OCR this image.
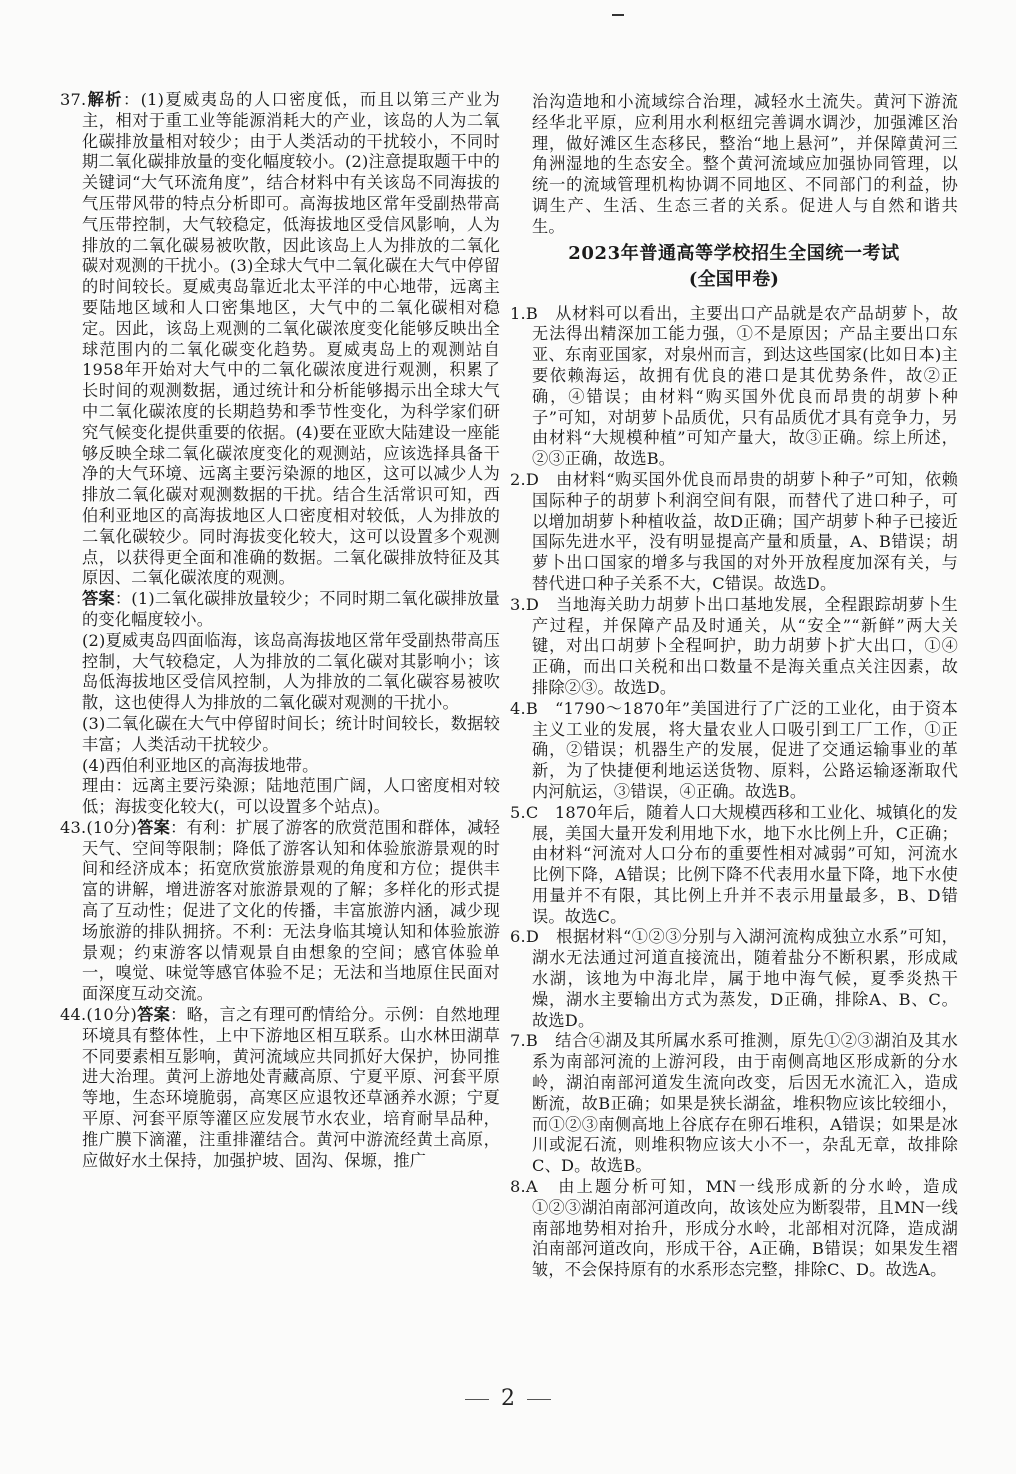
37.解析：(1)夏威夷岛的人口密度低，而且以第三产业为主，相对于重工业等能源消耗大的产业，该岛的人为二氧化碳排放量相对较少；由于人类活动的干扰较小，不同时期二氧化碳排放量的变化幅度较小。(2)注意提取题干中的关键词“大气环流角度”，结合材料中有关该岛不同海拔的气压带风带的特点分析即可。高海拔地区常年受副热带高气压带控制，大气较稳定，低海拔地区受信风影响，人为排放的二氧化碳易被吹散，因此该岛上人为排放的二氧化碳对观测的干扰小。(3)全球大气中二氧化碳在大气中停留的时间较长。夏威夷岛靠近北太平洋的中心地带，远离主要陆地区域和人口密集地区，大气中的二氧化碳相对稳定。因此，该岛上观测的二氧化碳浓度变化能够反映出全球范围内的二氧化碳变化趋势。夏威夷岛上的观测站自1958年开始对大气中的二氧化碳浓度进行观测，积累了长时间的观测数据，通过统计和分析能够揭示出全球大气中二氧化碳浓度的长期趋势和季节性变化，为科学家们研究气候变化提供重要的依据。(4)要在亚欧大陆建设一座能够反映全球二氧化碳浓度变化的观测站，应该选择具备干净的大气环境、远离主要污染源的地区，这可以减少人为排放二氧化碳对观测数据的干扰。结合生活常识可知，西伯利亚地区的高海拔地区人口密度相对较低，人为排放的二氧化碳较少。同时海拔变化较大，这可以设置多个观测点，以获得更全面和准确的数据。二氧化碳排放特征及其原因、二氧化碳浓度的观测。

答案：(1)二氧化碳排放量较少；不同时期二氧化碳排放量的变化幅度较小。

(2)夏威夷岛四面临海，该岛高海拔地区常年受副热带高压控制，大气较稳定，人为排放的二氧化碳对其影响小；该岛低海拔地区受信风控制，人为排放的二氧化碳容易被吹散，这也使得人为排放的二氧化碳对观测的干扰小。

(3)二氧化碳在大气中停留时间长；统计时间较长，数据较丰富；人类活动干扰较少。

(4)西伯利亚地区的高海拔地带。

理由：远离主要污染源；陆地范围广阔，人口密度相对较低；海拔变化较大(，可以设置多个站点)。

43.(10分)答案：有利：扩展了游客的欣赏范围和群体，减轻天气、空间等限制；降低了游客认知和体验旅游景观的时间和经济成本；拓宽欣赏旅游景观的角度和方位；提供丰富的讲解，增进游客对旅游景观的了解；多样化的形式提高了互动性；促进了文化的传播，丰富旅游内涵，减少现场旅游的排队拥挤。不利：无法身临其境认知和体验旅游景观；约束游客以情观景自由想象的空间；感官体验单一，嗅觉、味觉等感官体验不足；无法和当地原住民面对面深度互动交流。

44.(10分)答案：略，言之有理可酌情给分。示例：自然地理环境具有整体性，上中下游地区相互联系。山水林田湖草不同要素相互影响，黄河流域应共同抓好大保护，协同推进大治理。黄河上游地处青藏高原、宁夏平原、河套平原等地，生态环境脆弱，高寒区应退牧还草涵养水源；宁夏平原、河套平原等灌区应发展节水农业，培育耐旱品种，推广膜下滴灌，注重排灌结合。黄河中游流经黄土高原，应做好水土保持，加强护坡、固沟、保塬，推广

治沟造地和小流域综合治理，减轻水土流失。黄河下游流经华北平原，应利用水利枢纽完善调水调沙，加强滩区治理，做好滩区生态移民，整治“地上悬河”，并保障黄河三角洲湿地的生态安全。整个黄河流域应加强协同管理，以统一的流域管理机构协调不同地区、不同部门的利益，协调生产、生活、生态三者的关系。促进人与自然和谐共生。

2023年普通高等学校招生全国统一考试
(全国甲卷)

1.B　 从材料可以看出，主要出口产品就是农产品胡萝卜，故无法得出精深加工能力强，①不是原因；产品主要出口东亚、东南亚国家，对泉州而言，到达这些国家(比如日本)主要依赖海运，故拥有优良的港口是其优势条件，故②正确，④错误；由材料“购买国外优良而昂贵的胡萝卜种子”可知，对胡萝卜品质优，只有品质优才具有竞争力，另由材料“大规模种植”可知产量大，故③正确。综上所述，②③正确，故选B。

2.D　 由材料“购买国外优良而昂贵的胡萝卜种子”可知，依赖国际种子的胡萝卜利润空间有限，而替代了进口种子，可以增加胡萝卜种植收益，故D正确；国产胡萝卜种子已接近国际先进水平，没有明显提高产量和质量，A、B错误；胡萝卜出口国家的增多与我国的对外开放程度加深有关，与替代进口种子关系不大，C错误。故选D。

3.D　 当地海关助力胡萝卜出口基地发展，全程跟踪胡萝卜生产过程，并保障产品及时通关，从“安全”“新鲜”两大关键，对出口胡萝卜全程呵护，助力胡萝卜扩大出口，①④正确，而出口关税和出口数量不是海关重点关注因素，故排除②③。故选D。

4.B　 “1790～1870年”美国进行了广泛的工业化，由于资本主义工业的发展，将大量农业人口吸引到工厂工作，①正确，②错误；机器生产的发展，促进了交通运输事业的革新，为了快捷便利地运送货物、原料，公路运输逐渐取代内河航运，③错误，④正确。故选B。

5.C　 1870年后，随着人口大规模西移和工业化、城镇化的发展，美国大量开发利用地下水，地下水比例上升，C正确；由材料“河流对人口分布的重要性相对减弱”可知，河流水比例下降，A错误；比例下降不代表用水量下降，地下水使用量并不有限，其比例上升并不表示用量最多，B、D错误。故选C。

6.D　 根据材料“①②③分别与入湖河流构成独立水系”可知，湖水无法通过河道直接流出，随着盐分不断积累，形成咸水湖，该地为中海北岸，属于地中海气候，夏季炎热干燥，湖水主要输出方式为蒸发，D正确，排除A、B、C。故选D。

7.B　 结合④湖及其所属水系可推测，原先①②③湖泊及其水系为南部河流的上游河段，由于南侧高地区形成新的分水岭，湖泊南部河道发生流向改变，后因无水流汇入，造成断流，故B正确；如果是狭长湖盆，堆积物应该比较细小，而①②③南侧高地上谷底存在卵石堆积，A错误；如果是冰川或泥石流，则堆积物应该大小不一，杂乱无章，故排除C、D。故选B。

8.A　 由上题分析可知，MN一线形成新的分水岭，造成①②③湖泊南部河道改向，故该处应为断裂带，且MN一线南部地势相对抬升，形成分水岭，北部相对沉降，造成湖泊南部河道改向，形成干谷，A正确，B错误；如果发生褶皱，不会保持原有的水系形态完整，排除C、D。故选A。

2
